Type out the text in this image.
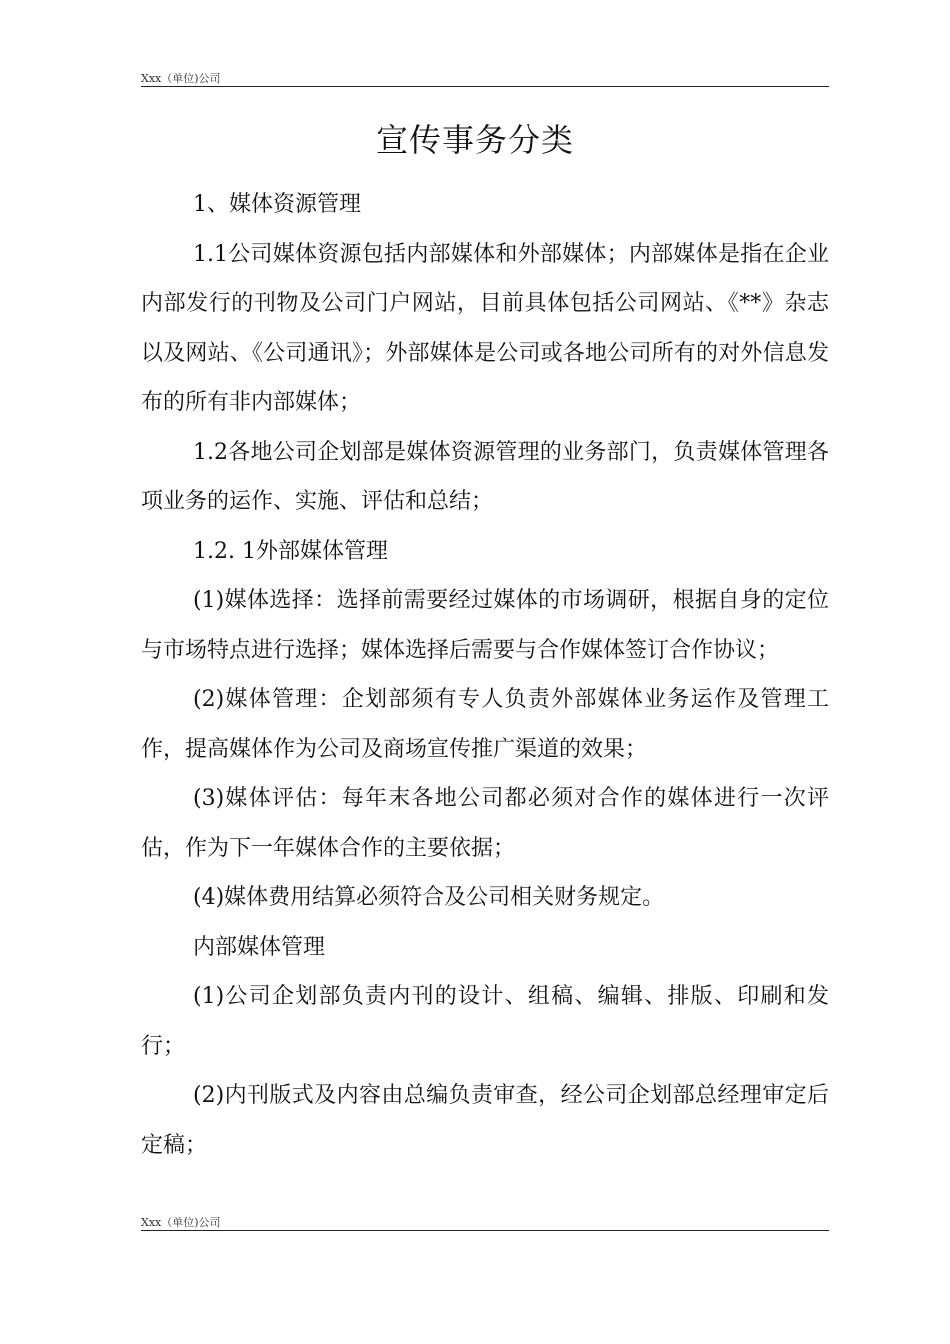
Xxx（单位)公司
宣传事务分类

1、媒体资源管理

1.1公司媒体资源包括内部媒体和外部媒体；内部媒体是指在企业内部发行的刊物及公司门户网站，目前具体包括公司网站、《**》杂志以及网站、《公司通讯》；外部媒体是公司或各地公司所有的对外信息发布的所有非内部媒体；

1.2各地公司企划部是媒体资源管理的业务部门，负责媒体管理各项业务的运作、实施、评估和总结；

1.2. 1外部媒体管理

(1)媒体选择：选择前需要经过媒体的市场调研，根据自身的定位与市场特点进行选择；媒体选择后需要与合作媒体签订合作协议；

(2)媒体管理：企划部须有专人负责外部媒体业务运作及管理工作，提高媒体作为公司及商场宣传推广渠道的效果；

(3)媒体评估：每年末各地公司都必须对合作的媒体进行一次评估，作为下一年媒体合作的主要依据；

(4)媒体费用结算必须符合及公司相关财务规定。

内部媒体管理

(1)公司企划部负责内刊的设计、组稿、编辑、排版、印刷和发行；

(2)内刊版式及内容由总编负责审查，经公司企划部总经理审定后定稿；

Xxx（单位)公司
